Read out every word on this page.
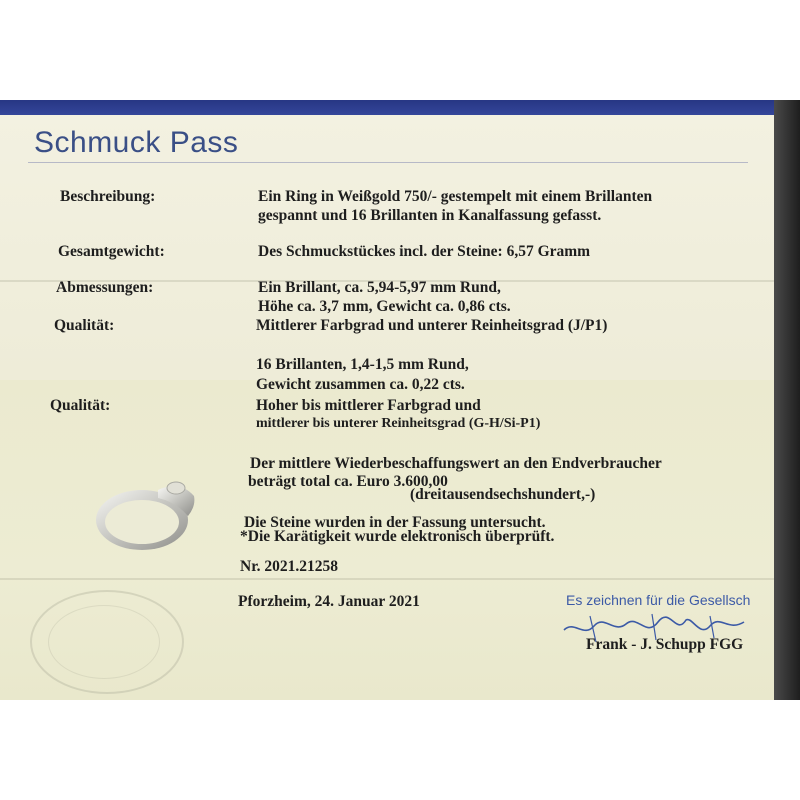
Schmuck Pass
Beschreibung:	Ein Ring in Weißgold 750/- gestempelt mit einem Brillanten
gespannt und 16 Brillanten in Kanalfassung gefasst.
Gesamtgewicht:	Des Schmuckstückes incl. der Steine: 6,57 Gramm
Abmessungen:	Ein Brillant, ca. 5,94-5,97 mm Rund,
Höhe ca. 3,7 mm, Gewicht ca. 0,86 cts.
Qualität:	Mittlerer Farbgrad und unterer Reinheitsgrad (J/P1)
16 Brillanten, 1,4-1,5 mm Rund,
Gewicht zusammen ca. 0,22 cts.
Qualität:	Hoher bis mittlerer Farbgrad und
mittlerer bis unterer Reinheitsgrad (G-H/Si-P1)
Der mittlere Wiederbeschaffungswert an den Endverbraucher
beträgt total ca. Euro 3.600,00
(dreitausendsechshundert,-)
Die Steine wurden in der Fassung untersucht.
*Die Karätigkeit wurde elektronisch überprüft.
Nr. 2021.21258
Pforzheim, 24. Januar 2021	Es zeichnen für die Gesellsch
Frank - J. Schupp FGG
